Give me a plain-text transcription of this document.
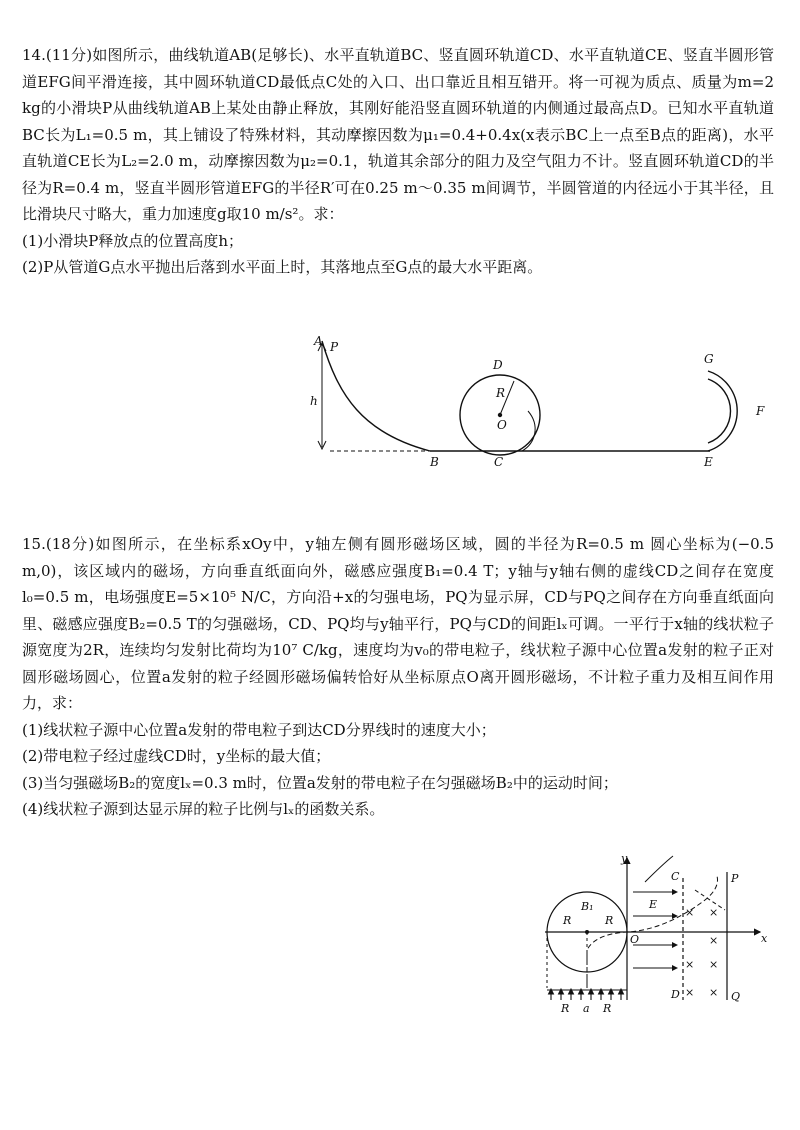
14.(11分)如图所示，曲线轨道AB(足够长)、水平直轨道BC、竖直圆环轨道CD、水平直轨道CE、竖直半圆形管道EFG间平滑连接，其中圆环轨道CD最低点C处的入口、出口靠近且相互错开。将一可视为质点、质量为m=2 kg的小滑块P从曲线轨道AB上某处由静止释放，其刚好能沿竖直圆环轨道的内侧通过最高点D。已知水平直轨道BC长为L₁=0.5 m，其上铺设了特殊材料，其动摩擦因数为μ₁=0.4+0.4x(x表示BC上一点至B点的距离)，水平直轨道CE长为L₂=2.0 m，动摩擦因数为μ₂=0.1，轨道其余部分的阻力及空气阻力不计。竖直圆环轨道CD的半径为R=0.4 m，竖直半圆形管道EFG的半径R′可在0.25 m～0.35 m间调节，半圆管道的内径远小于其半径，且比滑块尺寸略大，重力加速度g取10 m/s²。求：

(1)小滑块P释放点的位置高度h；

(2)P从管道G点水平抛出后落到水平面上时，其落地点至G点的最大水平距离。

A P
h
B	C
D
R
O
G
F
E

15.(18分)如图所示，在坐标系xOy中，y轴左侧有圆形磁场区域，圆的半径为R=0.5 m 圆心坐标为(−0.5 m,0)，该区域内的磁场，方向垂直纸面向外，磁感应强度B₁=0.4 T；y轴与y轴右侧的虚线CD之间存在宽度l₀=0.5 m，电场强度E=5×10⁵ N/C，方向沿+x的匀强电场，PQ为显示屏，CD与PQ之间存在方向垂直纸面向里、磁感应强度B₂=0.5 T的匀强磁场，CD、PQ均与y轴平行，PQ与CD的间距lₓ可调。一平行于x轴的线状粒子源宽度为2R，连续均匀发射比荷均为10⁷ C/kg，速度均为v₀的带电粒子，线状粒子源中心位置a发射的粒子正对圆形磁场圆心，位置a发射的粒子经圆形磁场偏转恰好从坐标原点O离开圆形磁场，不计粒子重力及相互间作用力，求：

(1)线状粒子源中心位置a发射的带电粒子到达CD分界线时的速度大小；

(2)带电粒子经过虚线CD时，y坐标的最大值；

(3)当匀强磁场B₂的宽度lₓ=0.3 m时，位置a发射的带电粒子在匀强磁场B₂中的运动时间；

(4)线状粒子源到达显示屏的粒子比例与lₓ的函数关系。

y
x
O
B₁
R	R
R a R
C
D
E
P
Q
× ×
×
× ×
× ×
